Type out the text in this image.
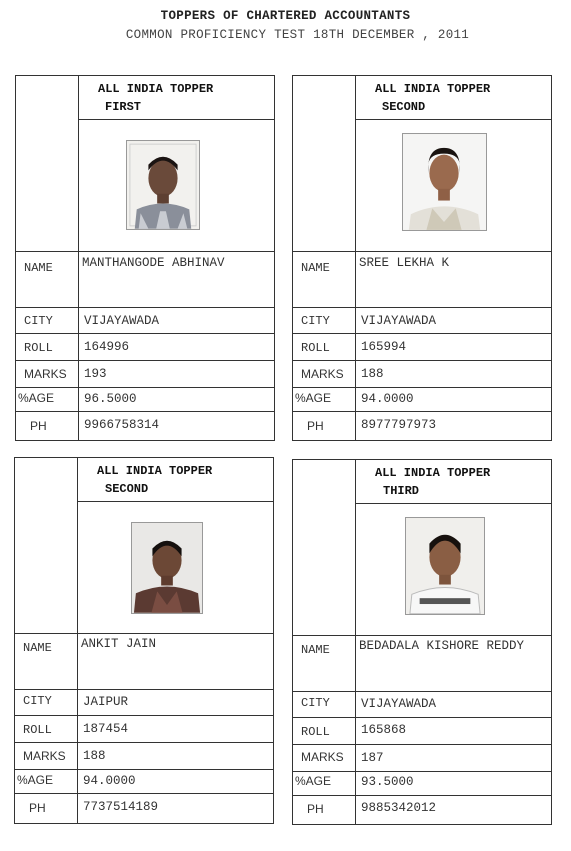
TOPPERS OF CHARTERED ACCOUNTANTS
COMMON PROFICIENCY TEST 18TH DECEMBER , 2011
ALL INDIA TOPPER
FIRST
NAME MANTHANGODE ABHINAV
CITY VIJAYAWADA
ROLL 164996
MARKS 193
%AGE 96.5000
PH	9966758314
ALL INDIA TOPPER
SECOND
NAME SREE LEKHA K
CITY VIJAYAWADA
ROLL 165994
MARKS 188
%AGE 94.0000
PH	8977797973
ALL INDIA TOPPER
SECOND
NAME ANKIT JAIN
CITY JAIPUR
ROLL 187454
MARKS 188
%AGE 94.0000
PH	7737514189
ALL INDIA TOPPER
THIRD
NAME BEDADALA KISHORE REDDY
CITY VIJAYAWADA
ROLL 165868
MARKS 187
%AGE 93.5000
PH	9885342012
